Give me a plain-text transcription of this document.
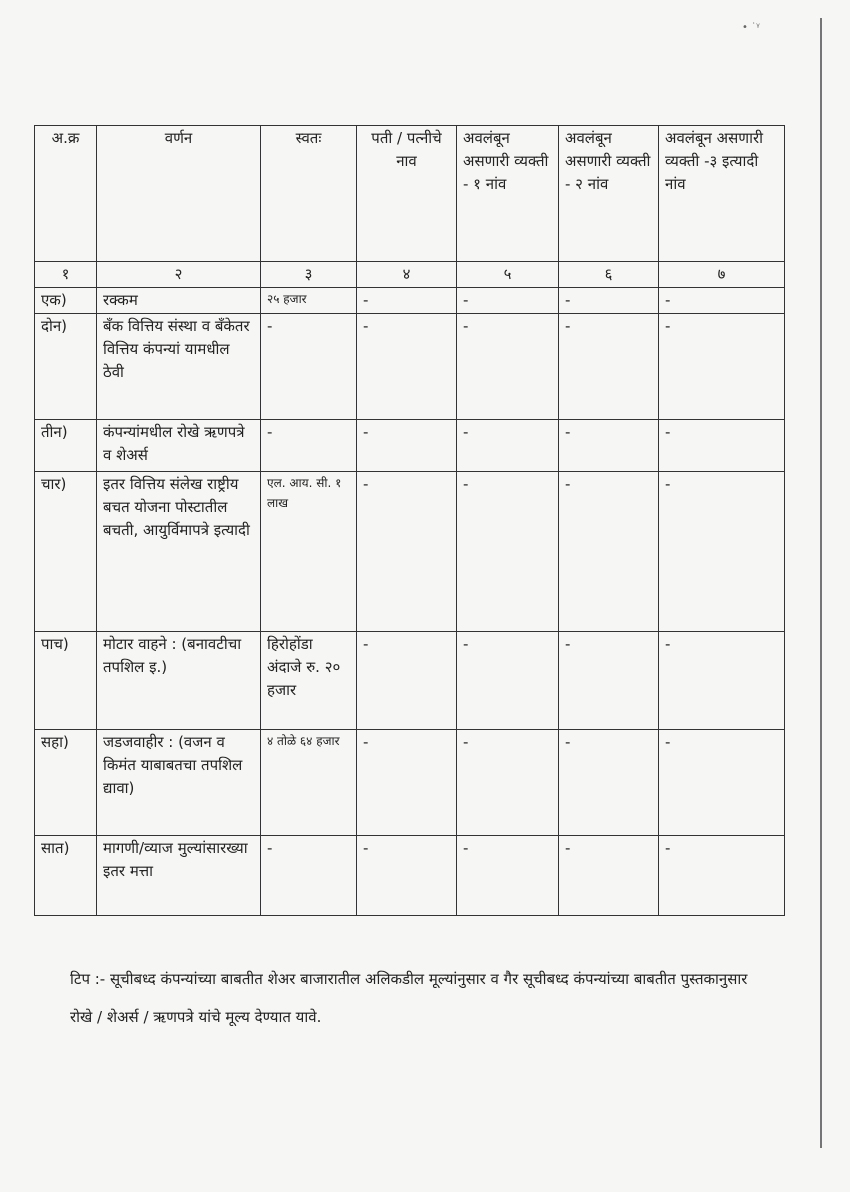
• ˙ᵞ
अ.क्र	वर्णन	स्वतः	पती / पत्नीचे नाव	अवलंबून असणारी व्यक्ती - १ नांव	अवलंबून असणारी व्यक्ती - २ नांव	अवलंबून असणारी व्यक्ती -३ इत्यादी नांव
१	२	३	४	५	६	७
एक)	रक्कम	२५ हजार	-	-	-	-
दोन)	बॅंक वित्तिय संस्था व बॅंकेतर वित्तिय कंपन्यां यामधील ठेवी	-	-	-	-	-
तीन)	कंपन्यांमधील रोखे ऋणपत्रे व शेअर्स	-	-	-	-	-
चार)	इतर वित्तिय संलेख राष्ट्रीय बचत योजना पोस्टातील बचती, आयुर्विमापत्रे इत्यादी	एल. आय. सी. १ लाख	-	-	-	-
पाच)	मोटार वाहने : (बनावटीचा तपशिल इ.)	हिरोहोंडा अंदाजे रु. २० हजार	-	-	-	-
सहा)	जडजवाहीर : (वजन व किमंत याबाबतचा तपशिल द्यावा)	४ तोळे ६४ हजार	-	-	-	-
सात)	मागणी/व्याज मुल्यांसारख्या इतर मत्ता	-	-	-	-	-
टिप :- सूचीबध्द कंपन्यांच्या बाबतीत शेअर बाजारातील अलिकडील मूल्यांनुसार व गैर सूचीबध्द कंपन्यांच्या बाबतीत पुस्तकानुसार रोखे / शेअर्स / ऋणपत्रे यांचे मूल्य देण्यात यावे.
